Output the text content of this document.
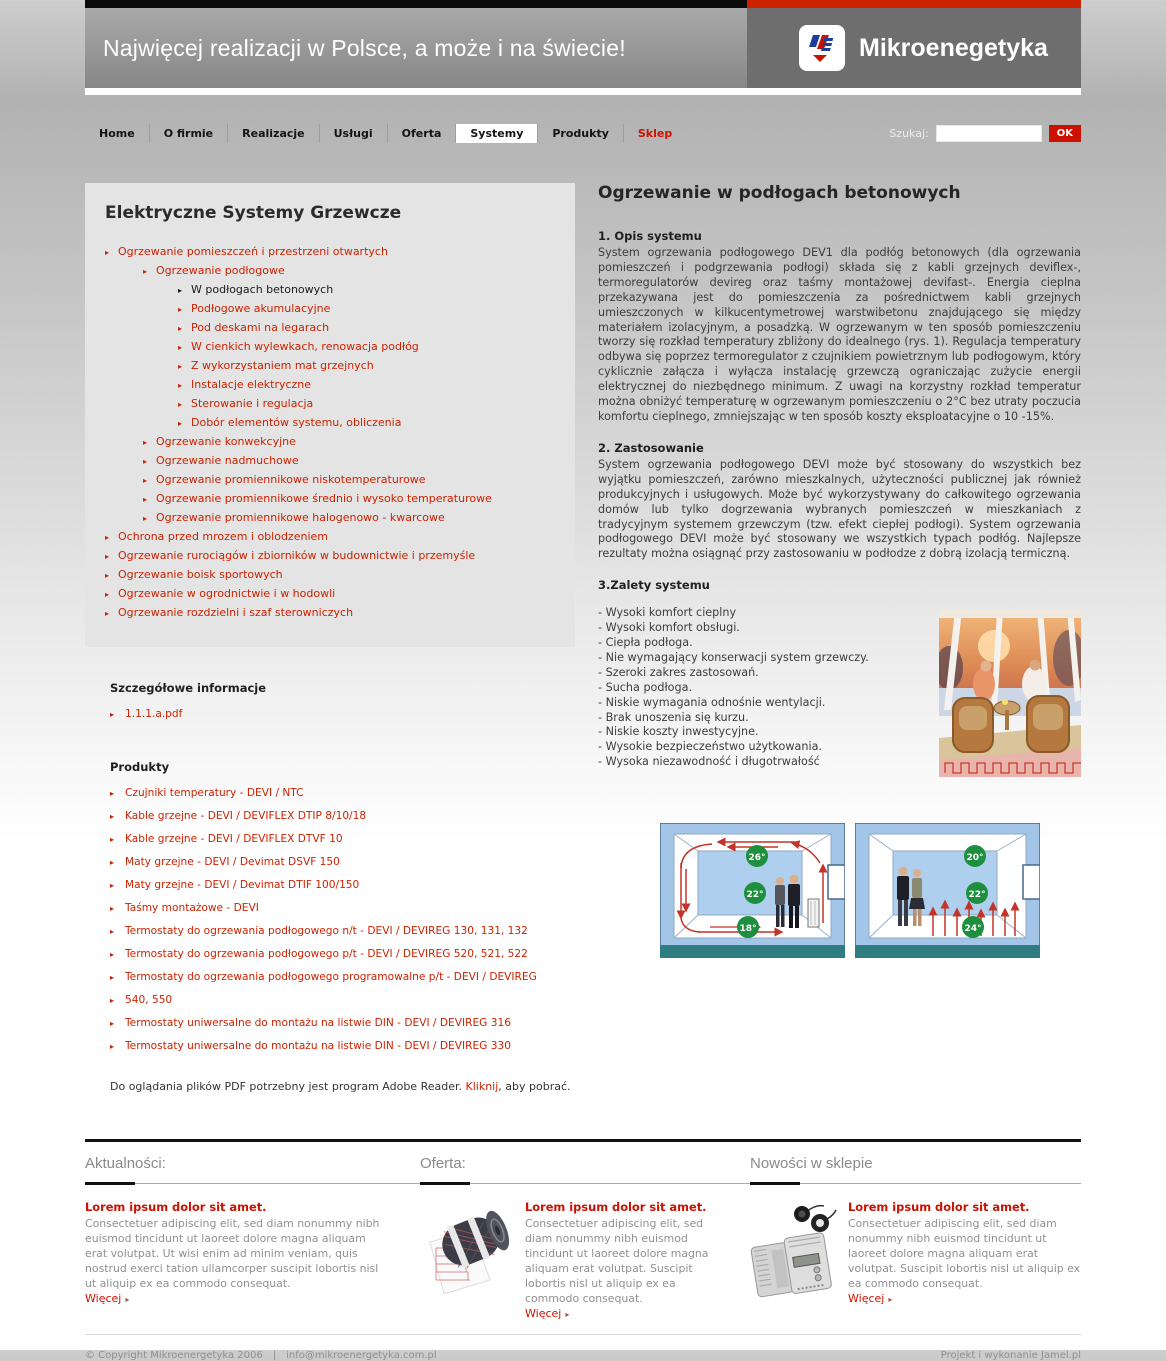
Najwięcej realizacji w Polsce, a może i na świecie!	Mikroenegetyka
Home	O firmie	Realizacje	Usługi	Oferta	Systemy	Produkty	Sklep	Szukaj:	OK
Elektryczne Systemy Grzewcze
▸ Ogrzewanie pomieszczeń i przestrzeni otwartych
▸ Ogrzewanie podłogowe
▸ W podłogach betonowych
▸ Podłogowe akumulacyjne
▸ Pod deskami na legarach
▸ W cienkich wylewkach, renowacja podłóg
▸ Z wykorzystaniem mat grzejnych
▸ Instalacje elektryczne
▸ Sterowanie i regulacja
▸ Dobór elementów systemu, obliczenia
▸ Ogrzewanie konwekcyjne
▸ Ogrzewanie nadmuchowe
▸ Ogrzewanie promiennikowe niskotemperaturowe
▸ Ogrzewanie promiennikowe średnio i wysoko temperaturowe
▸ Ogrzewanie promiennikowe halogenowo - kwarcowe
▸ Ochrona przed mrozem i oblodzeniem
▸ Ogrzewanie rurociągów i zbiorników w budownictwie i przemyśle
▸ Ogrzewanie boisk sportowych
▸ Ogrzewanie w ogrodnictwie i w hodowli
▸ Ogrzewanie rozdzielni i szaf sterowniczych
Szczegółowe informacje
▸	1.1.1.a.pdf
Produkty
▸	Czujniki temperatury - DEVI / NTC
▸	Kable grzejne - DEVI / DEVIFLEX DTIP 8/10/18
▸	Kable grzejne - DEVI / DEVIFLEX DTVF 10
▸	Maty grzejne - DEVI / Devimat DSVF 150
▸	Maty grzejne - DEVI / Devimat DTIF 100/150
▸	Taśmy montażowe - DEVI
▸	Termostaty do ogrzewania podłogowego n/t - DEVI / DEVIREG 130, 131, 132
▸	Termostaty do ogrzewania podłogowego p/t - DEVI / DEVIREG 520, 521, 522
▸	Termostaty do ogrzewania podłogowego programowalne p/t - DEVI / DEVIREG
▸	540, 550
▸	Termostaty uniwersalne do montażu na listwie DIN - DEVI / DEVIREG 316
▸	Termostaty uniwersalne do montażu na listwie DIN - DEVI / DEVIREG 330
Do oglądania plików PDF potrzebny jest program Adobe Reader. Kliknij, aby pobrać.
Ogrzewanie w podłogach betonowych
1. Opis systemu

System ogrzewania podłogowego DEV1 dla podłóg betonowych (dla ogrzewania pomieszczeń i podgrzewania podłogi) składa się z kabli grzejnych deviflex-, termoregulatorów devireg oraz taśmy montażowej devifast-. Energia cieplna przekazywana jest do pomieszczenia za pośrednictwem kabli grzejnych umieszczonych w kilkucentymetrowej warstwibetonu znajdującego się między materiałem izolacyjnym, a posadzką. W ogrzewanym w ten sposób pomieszczeniu tworzy się rozkład temperatury zbliżony do idealnego (rys. 1). Regulacja temperatury odbywa się poprzez termoregulator z czujnikiem powietrznym lub podłogowym, który cyklicznie załącza i wyłącza instalację grzewczą ograniczając zużycie energii elektrycznej do niezbędnego minimum. Z uwagi na korzystny rozkład temperatur można obniżyć temperaturę w ogrzewanym pomieszczeniu o 2°C bez utraty poczucia komfortu cieplnego, zmniejszając w ten sposób koszty eksploatacyjne o 10 -15%.

2. Zastosowanie

System ogrzewania podłogowego DEVI może być stosowany do wszystkich bez wyjątku pomieszczeń, zarówno mieszkalnych, użyteczności publicznej jak również produkcyjnych i usługowych. Może być wykorzystywany do całkowitego ogrzewania domów lub tylko dogrzewania wybranych pomieszczeń w mieszkaniach z tradycyjnym systemem grzewczym (tzw. efekt ciepłej podłogi). System ogrzewania podłogowego DEVI może być stosowany we wszystkich typach podłóg. Najlepsze rezultaty można osiągnąć przy zastosowaniu w podłodze z dobrą izolacją termiczną.

3.Zalety systemu
- Wysoki komfort cieplny
- Wysoki komfort obsługi.
- Ciepła podłoga.
- Nie wymagający konserwacji system grzewczy.
- Szeroki zakres zastosowań.
- Sucha podłoga.
- Niskie wymagania odnośnie wentylacji.
- Brak unoszenia się kurzu.
- Niskie koszty inwestycyjne.
- Wysokie bezpieczeństwo użytkowania.
- Wysoka niezawodność i długotrwałość
26°
22°
18°
20°
22°
24°
Aktualności:	Oferta:	Nowości w sklepie
Lorem ipsum dolor sit amet.
Consectetuer adipiscing elit, sed diam nonummy nibh euismod tincidunt ut laoreet dolore magna aliquam erat volutpat. Ut wisi enim ad minim veniam, quis nostrud exerci tation ullamcorper suscipit lobortis nisl ut aliquip ex ea commodo consequat.
Więcej ▸
Lorem ipsum dolor sit amet.
Consectetuer adipiscing elit, sed diam nonummy nibh euismod tincidunt ut laoreet dolore magna aliquam erat volutpat. Suscipit lobortis nisl ut aliquip ex ea commodo consequat.
Więcej ▸
Lorem ipsum dolor sit amet.
Consectetuer adipiscing elit, sed diam nonummy nibh euismod tincidunt ut laoreet dolore magna aliquam erat volutpat. Suscipit lobortis nisl ut aliquip ex ea commodo consequat.
Więcej ▸
© Copyright Mikroenergetyka 2006 | info@mikroenergetyka.com.pl	Projekt i wykonanie Jamel.pl
